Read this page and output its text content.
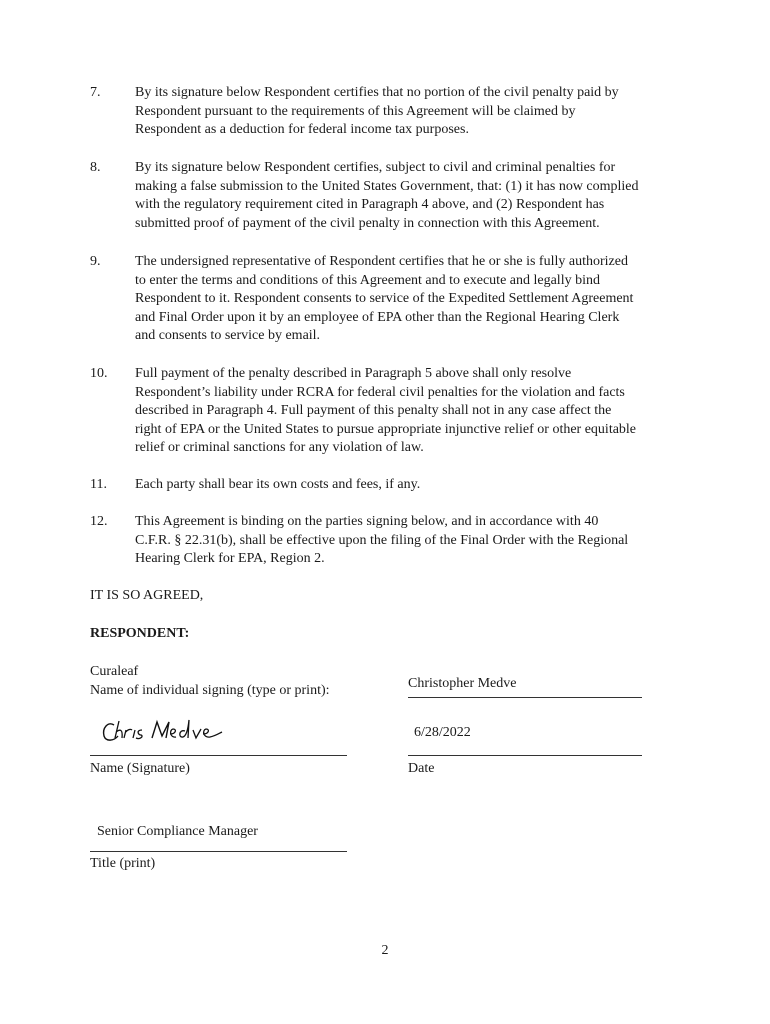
7. By its signature below Respondent certifies that no portion of the civil penalty paid by
Respondent pursuant to the requirements of this Agreement will be claimed by
Respondent as a deduction for federal income tax purposes.
8. By its signature below Respondent certifies, subject to civil and criminal penalties for
making a false submission to the United States Government, that: (1) it has now complied
with the regulatory requirement cited in Paragraph 4 above, and (2) Respondent has
submitted proof of payment of the civil penalty in connection with this Agreement.
9. The undersigned representative of Respondent certifies that he or she is fully authorized
to enter the terms and conditions of this Agreement and to execute and legally bind
Respondent to it. Respondent consents to service of the Expedited Settlement Agreement
and Final Order upon it by an employee of EPA other than the Regional Hearing Clerk
and consents to service by email.
10. Full payment of the penalty described in Paragraph 5 above shall only resolve
Respondent’s liability under RCRA for federal civil penalties for the violation and facts
described in Paragraph 4. Full payment of this penalty shall not in any case affect the
right of EPA or the United States to pursue appropriate injunctive relief or other equitable
relief or criminal sanctions for any violation of law.
11. Each party shall bear its own costs and fees, if any.
12. This Agreement is binding on the parties signing below, and in accordance with 40
C.F.R. § 22.31(b), shall be effective upon the filing of the Final Order with the Regional
Hearing Clerk for EPA, Region 2.
IT IS SO AGREED,
RESPONDENT:
Curaleaf
Name of individual signing (type or print):	Christopher Medve
Name (Signature)
6/28/2022
Date
Senior Compliance Manager
Title (print)
2
